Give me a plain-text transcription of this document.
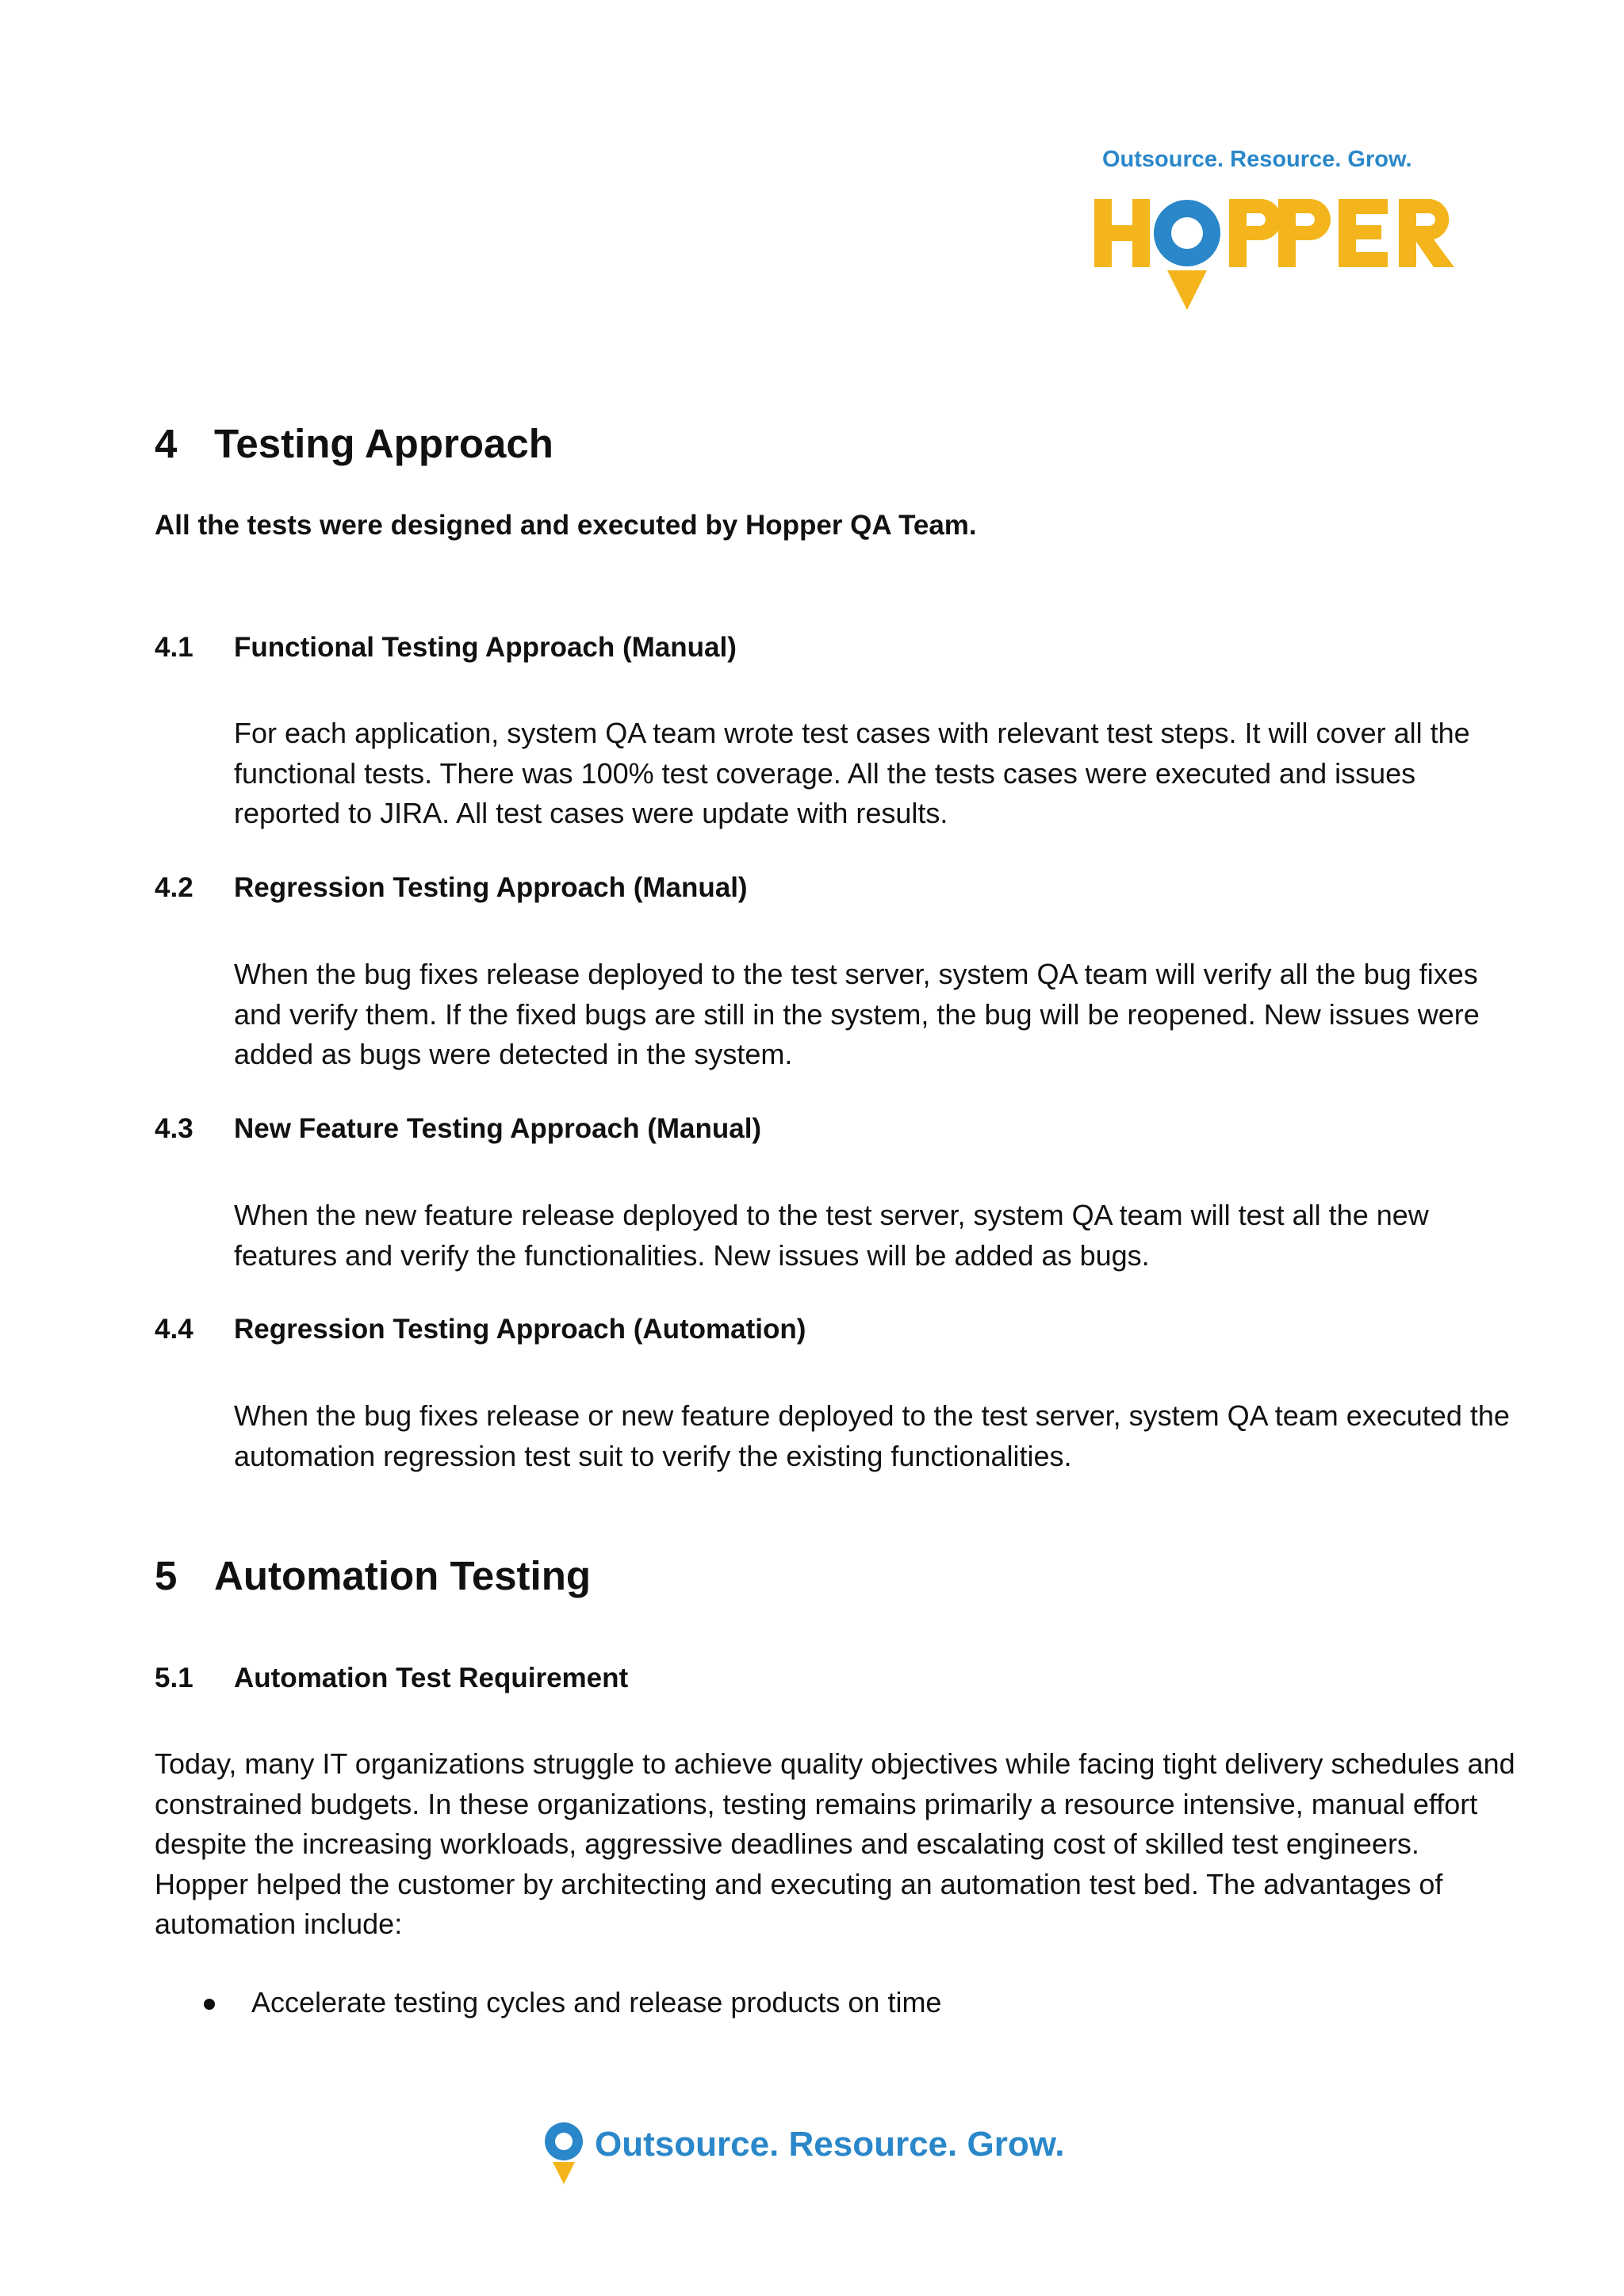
Outsource. Resource. Grow.
4 Testing Approach
All the tests were designed and executed by Hopper QA Team.
4.1 Functional Testing Approach (Manual)
For each application, system QA team wrote test cases with relevant test steps. It will cover all the functional tests. There was 100% test coverage. All the tests cases were executed and issues reported to JIRA. All test cases were update with results.
4.2 Regression Testing Approach (Manual)
When the bug fixes release deployed to the test server, system QA team will verify all the bug fixes and verify them. If the fixed bugs are still in the system, the bug will be reopened. New issues were added as bugs were detected in the system.
4.3 New Feature Testing Approach (Manual)
When the new feature release deployed to the test server, system QA team will test all the new features and verify the functionalities. New issues will be added as bugs.
4.4 Regression Testing Approach (Automation)
When the bug fixes release or new feature deployed to the test server, system QA team executed the automation regression test suit to verify the existing functionalities.
5 Automation Testing
5.1 Automation Test Requirement
Today, many IT organizations struggle to achieve quality objectives while facing tight delivery schedules and constrained budgets. In these organizations, testing remains primarily a resource intensive, manual effort despite the increasing workloads, aggressive deadlines and escalating cost of skilled test engineers. Hopper helped the customer by architecting and executing an automation test bed. The advantages of automation include:
Accelerate testing cycles and release products on time
Outsource. Resource. Grow.
